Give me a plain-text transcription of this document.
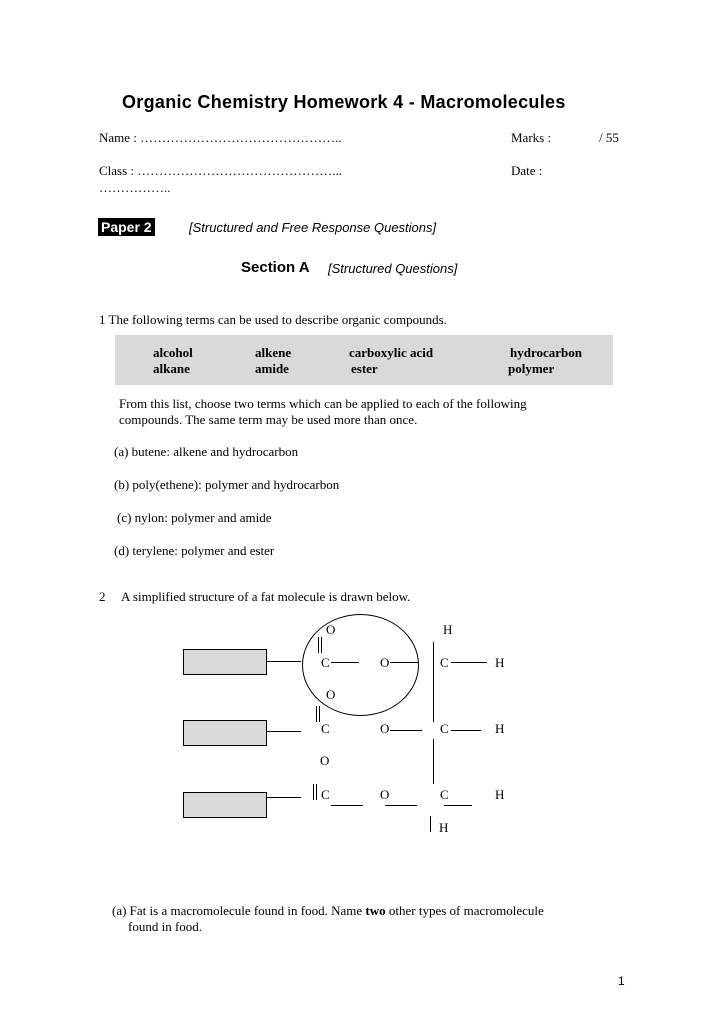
Organic Chemistry Homework 4 - Macromolecules
Name : ………………………………………..	Marks :	/ 55
Class : ………………………………………...	Date :
……………..
Paper 2	[Structured and Free Response Questions]
Section A [Structured Questions]
1 The following terms can be used to describe organic compounds.
alcohol	alkene	carboxylic acid	hydrocarbon
alkane	amide	ester	polymer
From this list, choose two terms which can be applied to each of the following
compounds. The same term may be used more than once.
(a) butene: alkene and hydrocarbon
(b) poly(ethene): polymer and hydrocarbon
(c) nylon: polymer and amide
(d) terylene: polymer and ester
2 A simplified structure of a fat molecule is drawn below.
O	H
C	O	C	H
O
C	O	C	H
O
C	O	C	H
H
(a) Fat is a macromolecule found in food. Name two other types of macromolecule
found in food.
1
